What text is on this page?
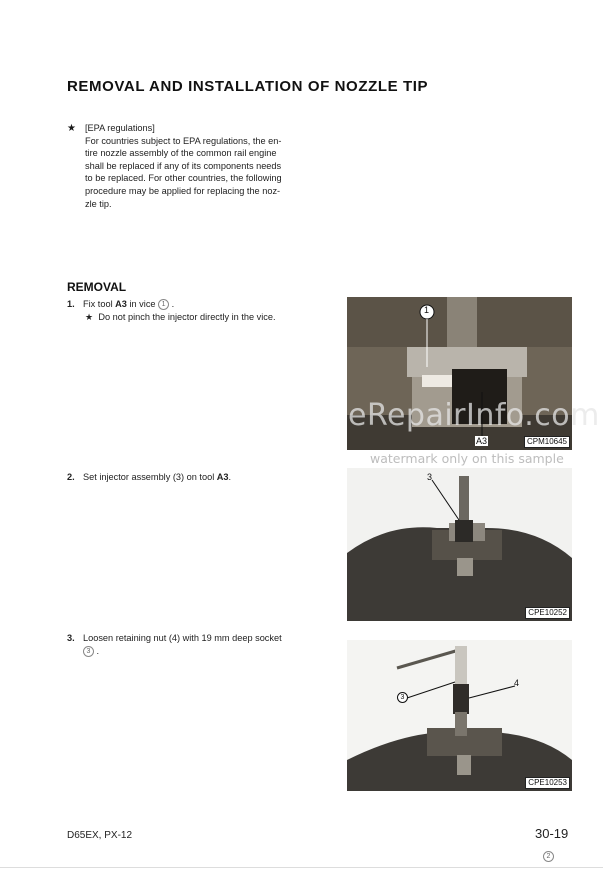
REMOVAL AND INSTALLATION OF NOZZLE TIP
★ [EPA regulations]
For countries subject to EPA regulations, the en-
tire nozzle assembly of the common rail engine
shall be replaced if any of its components needs
to be replaced. For other countries, the following
procedure may be applied for replacing the noz-
zle tip.
REMOVAL
1. Fix tool A3 in vice 1 .
★ Do not pinch the injector directly in the vice.
2. Set injector assembly (3) on tool A3.
3. Loosen retaining nut (4) with 19 mm deep socket
3 .
1
A3	CPM10645
3
CPE10252
3
4
CPE10253
eRepairInfo.com
watermark only on this sample
D65EX, PX-12	30-19
2
